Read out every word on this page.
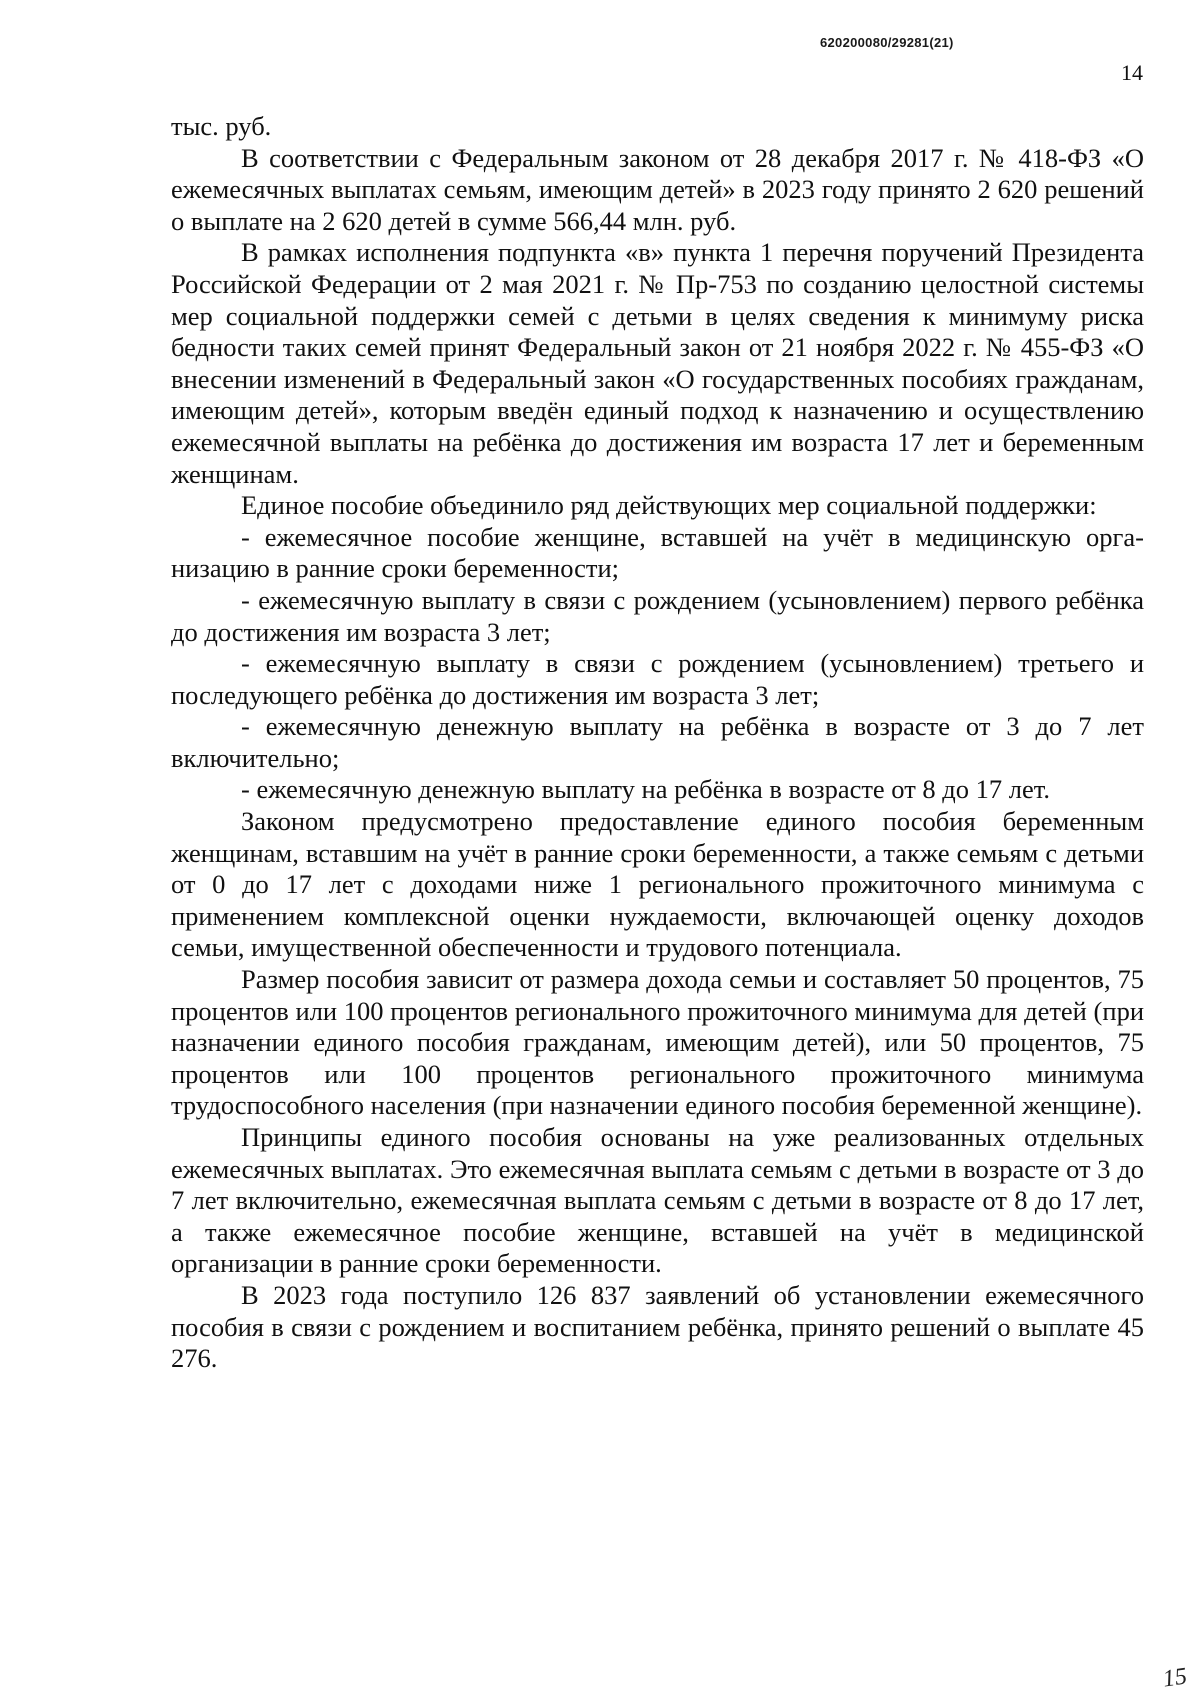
620200080/29281(21)
14

тыс. руб.

В соответствии с Федеральным законом от 28 декабря 2017 г. № 418-ФЗ «О ежемесячных выплатах семьям, имеющим детей» в 2023 году принято 2 620 решений о выплате на 2 620 детей в сумме 566,44 млн. руб.

В рамках исполнения подпункта «в» пункта 1 перечня поручений Президента Российской Федерации от 2 мая 2021 г. № Пр-753 по созданию целостной системы мер социальной поддержки семей с детьми в целях сведения к минимуму риска бедности таких семей принят Федеральный закон от 21 ноября 2022 г. № 455-ФЗ «О внесении изменений в Федеральный закон «О государственных пособиях гражданам, имеющим детей», которым введён единый подход к назначению и осуществлению ежемесячной выплаты на ребёнка до достижения им возраста 17 лет и беременным женщинам.

Единое пособие объединило ряд действующих мер социальной поддержки:

- ежемесячное пособие женщине, вставшей на учёт в медицинскую организацию в ранние сроки беременности;

- ежемесячную выплату в связи с рождением (усыновлением) первого ребёнка до достижения им возраста 3 лет;

- ежемесячную выплату в связи с рождением (усыновлением) третьего и последующего ребёнка до достижения им возраста 3 лет;

- ежемесячную денежную выплату на ребёнка в возрасте от 3 до 7 лет включительно;

- ежемесячную денежную выплату на ребёнка в возрасте от 8 до 17 лет.

Законом предусмотрено предоставление единого пособия беременным женщинам, вставшим на учёт в ранние сроки беременности, а также семьям с детьми от 0 до 17 лет с доходами ниже 1 регионального прожиточного минимума с применением комплексной оценки нуждаемости, включающей оценку доходов семьи, имущественной обеспеченности и трудового потенциала.

Размер пособия зависит от размера дохода семьи и составляет 50 процентов, 75 процентов или 100 процентов регионального прожиточного минимума для детей (при назначении единого пособия гражданам, имеющим детей), или 50 процентов, 75 процентов или 100 процентов регионального прожиточного минимума трудоспособного населения (при назначении единого пособия беременной женщине).

Принципы единого пособия основаны на уже реализованных отдельных ежемесячных выплатах. Это ежемесячная выплата семьям с детьми в возрасте от 3 до 7 лет включительно, ежемесячная выплата семьям с детьми в возрасте от 8 до 17 лет, а также ежемесячное пособие женщине, вставшей на учёт в медицинской организации в ранние сроки беременности.

В 2023 года поступило 126 837 заявлений об установлении ежемесячного пособия в связи с рождением и воспитанием ребёнка, принято решений о выплате 45 276.

15
